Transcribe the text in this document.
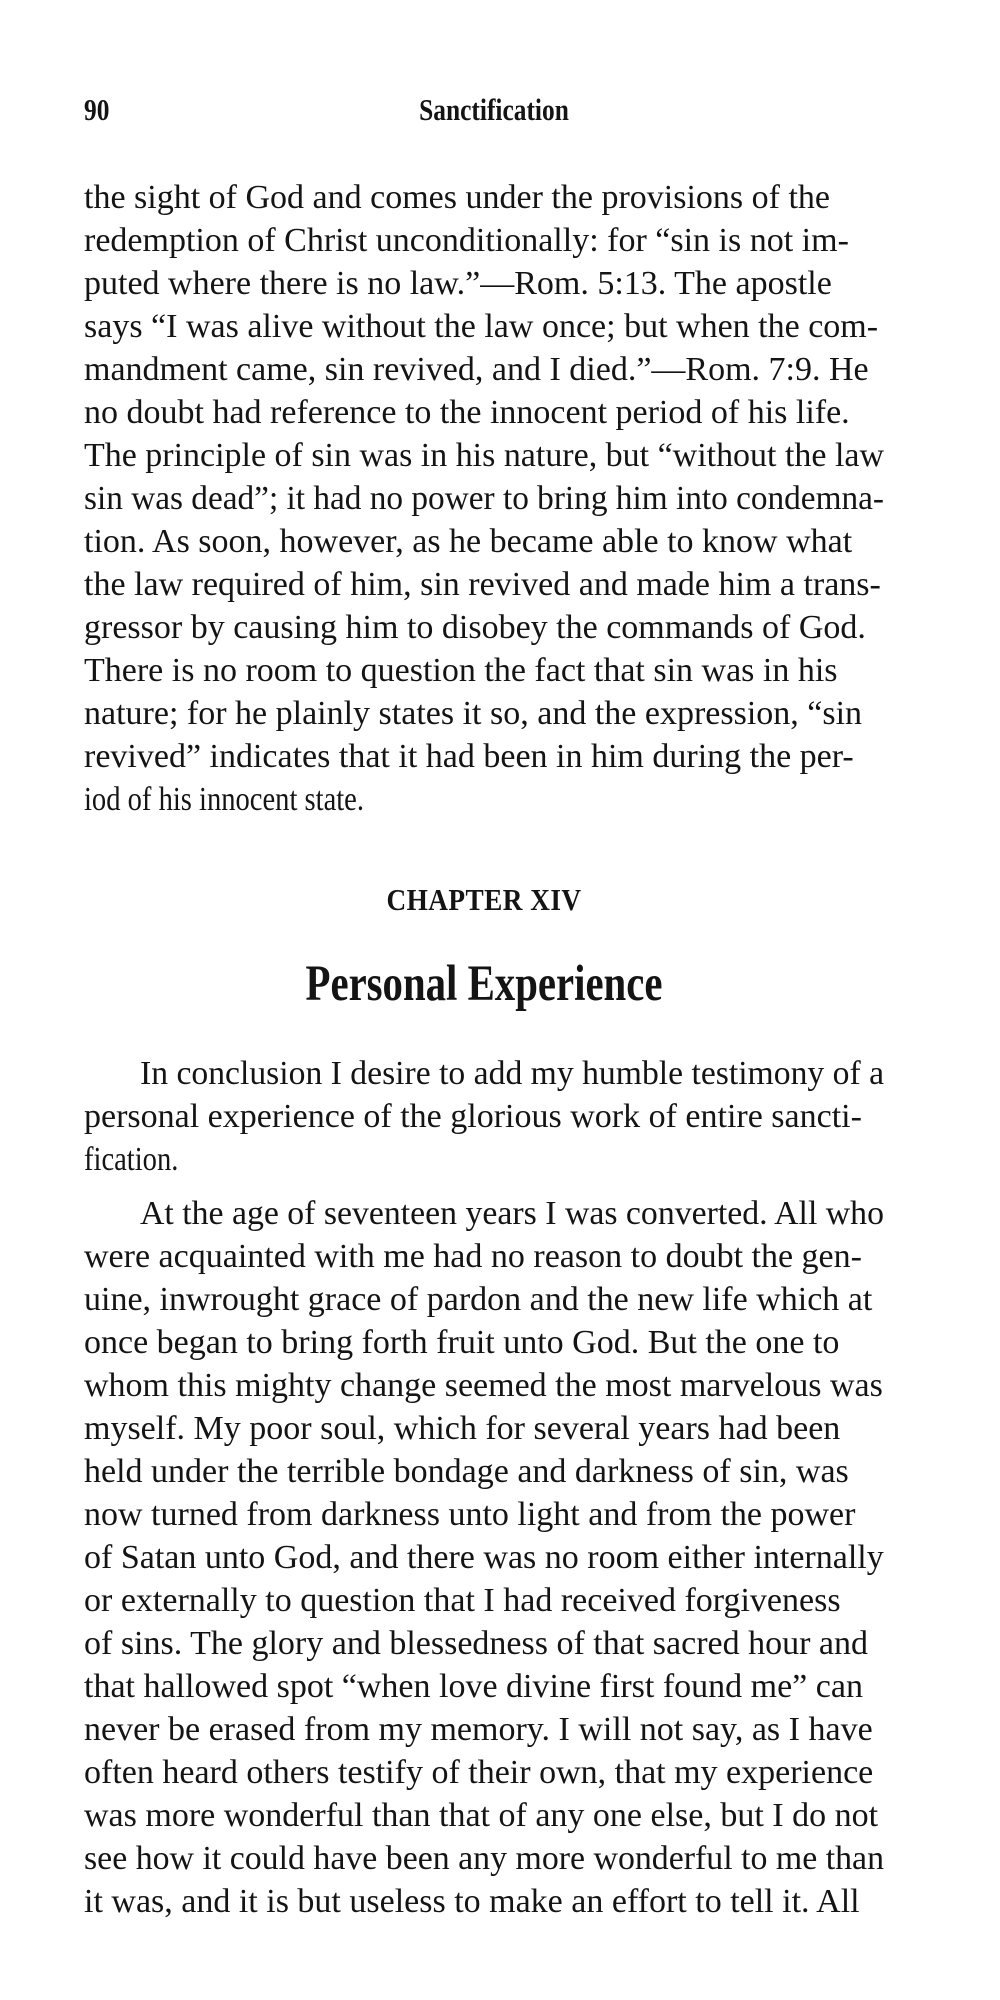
90	Sanctification
the sight of God and comes under the provisions of the
redemption of Christ unconditionally: for “sin is not im-
puted where there is no law.”—Rom. 5:13. The apostle
says “I was alive without the law once; but when the com-
mandment came, sin revived, and I died.”—Rom. 7:9. He
no doubt had reference to the innocent period of his life.
The principle of sin was in his nature, but “without the law
sin was dead”; it had no power to bring him into condemna-
tion. As soon, however, as he became able to know what
the law required of him, sin revived and made him a trans-
gressor by causing him to disobey the commands of God.
There is no room to question the fact that sin was in his
nature; for he plainly states it so, and the expression, “sin
revived” indicates that it had been in him during the per-
iod of his innocent state.
CHAPTER XIV
Personal Experience
In conclusion I desire to add my humble testimony of a
personal experience of the glorious work of entire sancti-
fication.
At the age of seventeen years I was converted. All who
were acquainted with me had no reason to doubt the gen-
uine, inwrought grace of pardon and the new life which at
once began to bring forth fruit unto God. But the one to
whom this mighty change seemed the most marvelous was
myself. My poor soul, which for several years had been
held under the terrible bondage and darkness of sin, was
now turned from darkness unto light and from the power
of Satan unto God, and there was no room either internally
or externally to question that I had received forgiveness
of sins. The glory and blessedness of that sacred hour and
that hallowed spot “when love divine first found me” can
never be erased from my memory. I will not say, as I have
often heard others testify of their own, that my experience
was more wonderful than that of any one else, but I do not
see how it could have been any more wonderful to me than
it was, and it is but useless to make an effort to tell it. All
